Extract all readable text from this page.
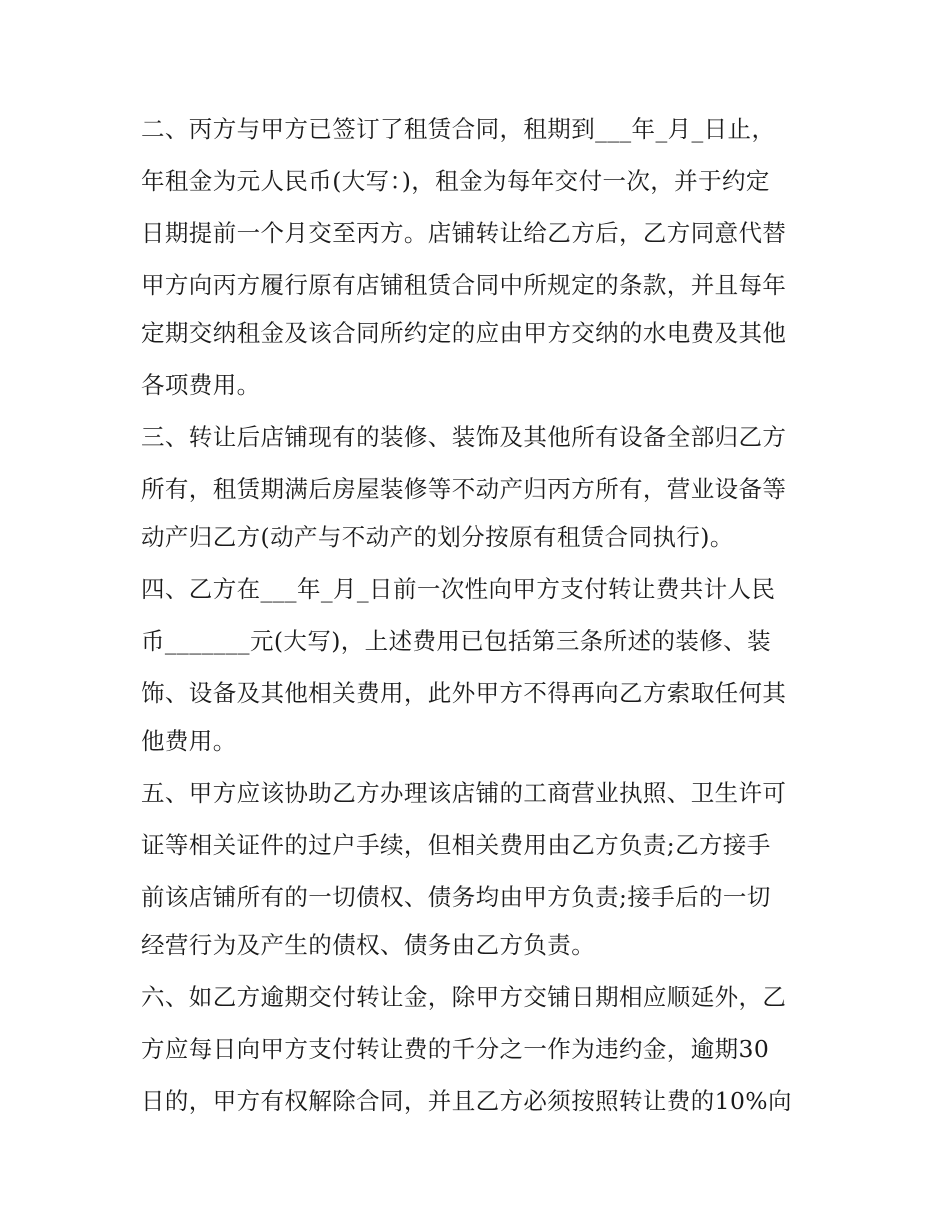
二、丙方与甲方已签订了租赁合同，租期到___年_月_日止，
年租金为元人民币(大写：)，租金为每年交付一次，并于约定
日期提前一个月交至丙方。店铺转让给乙方后，乙方同意代替
甲方向丙方履行原有店铺租赁合同中所规定的条款，并且每年
定期交纳租金及该合同所约定的应由甲方交纳的水电费及其他
各项费用。
三、转让后店铺现有的装修、装饰及其他所有设备全部归乙方
所有，租赁期满后房屋装修等不动产归丙方所有，营业设备等
动产归乙方(动产与不动产的划分按原有租赁合同执行)。
四、乙方在___年_月_日前一次性向甲方支付转让费共计人民
币_______元(大写)，上述费用已包括第三条所述的装修、装
饰、设备及其他相关费用，此外甲方不得再向乙方索取任何其
他费用。
五、甲方应该协助乙方办理该店铺的工商营业执照、卫生许可
证等相关证件的过户手续，但相关费用由乙方负责;乙方接手
前该店铺所有的一切债权、债务均由甲方负责;接手后的一切
经营行为及产生的债权、债务由乙方负责。
六、如乙方逾期交付转让金，除甲方交铺日期相应顺延外，乙
方应每日向甲方支付转让费的千分之一作为违约金，逾期30
日的，甲方有权解除合同，并且乙方必须按照转让费的10%向
